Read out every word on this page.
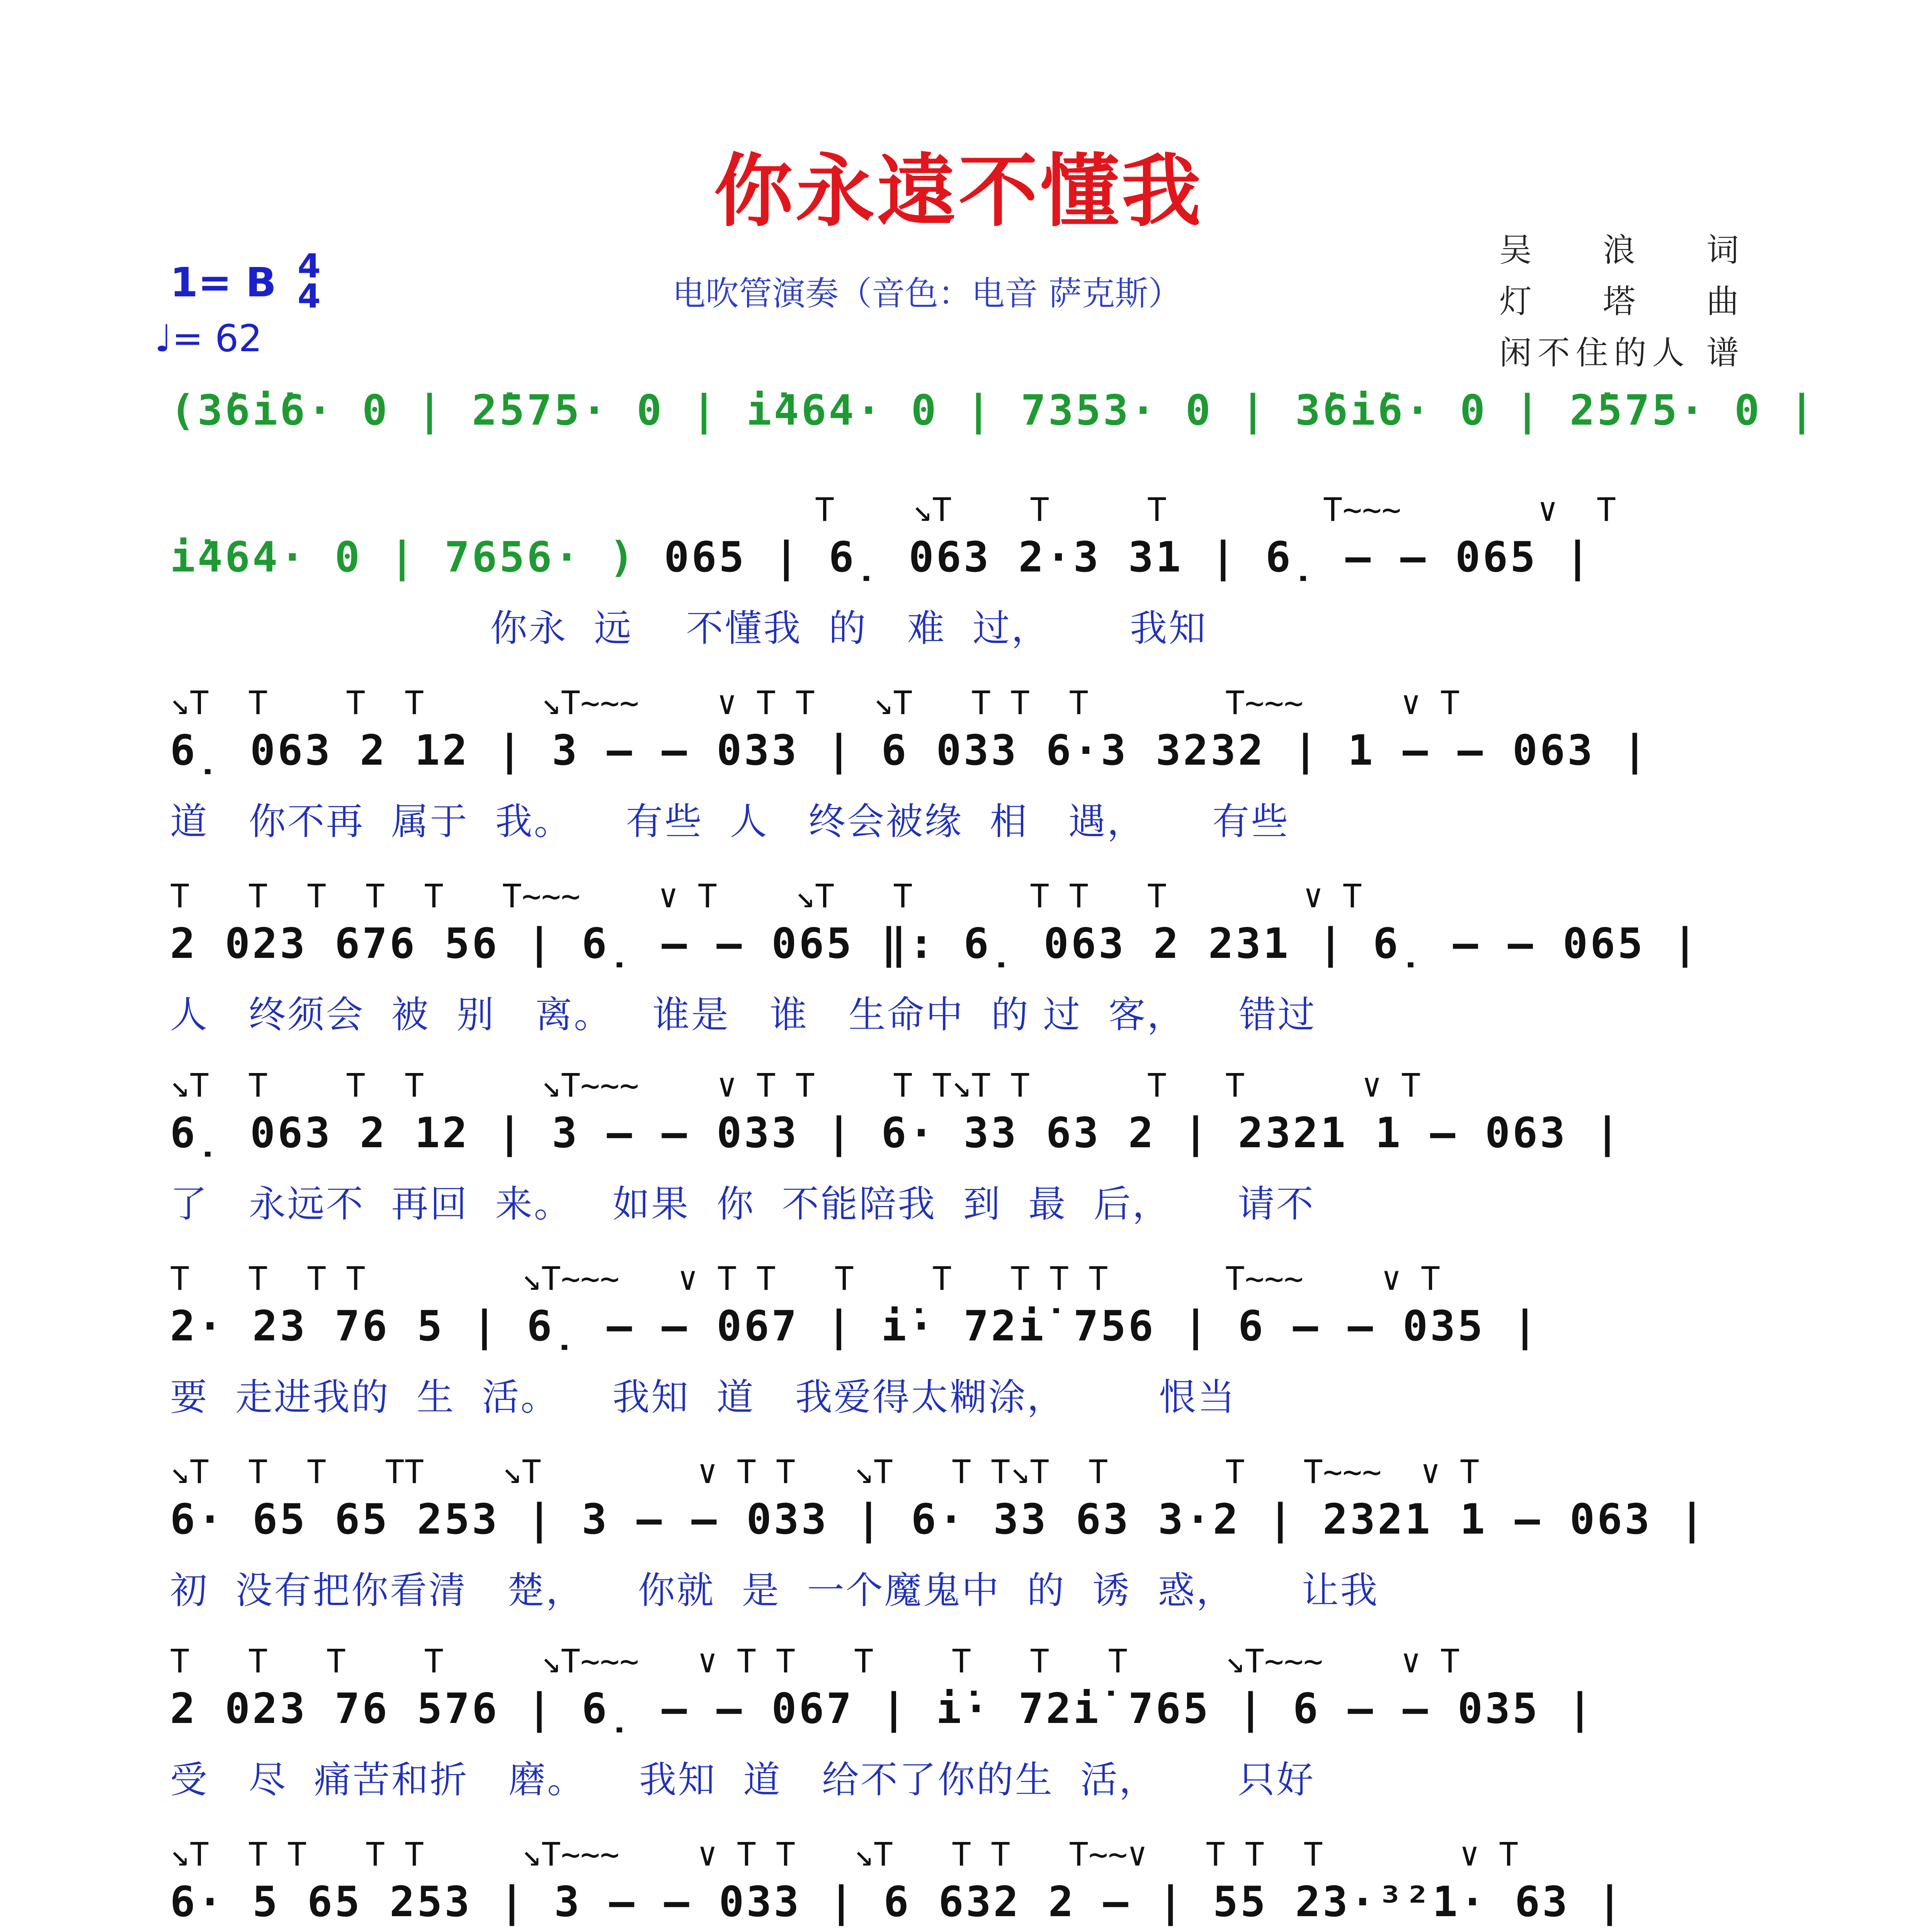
你永遠不懂我
1= B 4
4
♩= 62
电吹管演奏（音色：电音 萨克斯）
吴 浪 词
灯 塔 曲
闲不住的人 谱
(3̇6i̇6· 0 | 2̇575· 0 | i̇464· 0 | 7353· 0 | 3̇6i̇6· 0 | 2̇575· 0 |
T    ↘T    T     T        T~~~       ∨  T
i̇464· 0 | 7656· ) 065 | 6̣ 063 2·3 31 | 6̣ – – 065 |
你永  远    不懂我  的   难  过，      我知
↘T  T    T  T      ↘T~~~    ∨ T T   ↘T   T T  T       T~~~     ∨ T
6̣ 063 2 12 | 3 – – 033 | 6 033 6·3 3232 | 1 – – 063 |
道   你不再  属于  我。    有些  人   终会被缘  相   遇，     有些
T   T  T  T  T   T~~~    ∨ T    ↘T   T      T T   T       ∨ T
2 023 676 56 | 6̣ – – 065 ‖: 6̣ 063 2 231 | 6̣ – – 065 |
人   终须会  被  别   离。   谁是   谁   生命中  的 过  客，    错过
↘T  T    T  T      ↘T~~~    ∨ T T    T T↘T T      T   T      ∨ T
6̣ 063 2 12 | 3 – – 033 | 6· 33 63 2 | 2321 1 – 063 |
了   永远不  再回  来。   如果  你  不能陪我  到  最  后，     请不
T   T  T T        ↘T~~~   ∨ T T   T    T   T T T      T~~~    ∨ T
2· 23 76 5 | 6̣ – – 067 | i̇· 72i̇ 756 | 6 – – 035 |
要  走进我的  生  活。    我知  道   我爱得太糊涂，       恨当
↘T  T  T   TT    ↘T        ∨ T T   ↘T   T T↘T  T      T   T~~~  ∨ T
6· 65 65 253 | 3 – – 033 | 6· 33 63 3·2 | 2321 1 – 063 |
初  没有把你看清   楚，    你就  是  一个魔鬼中  的  诱  惑，     让我
T   T   T    T     ↘T~~~   ∨ T T   T    T   T   T     ↘T~~~    ∨ T
2 023 76 576 | 6̣ – – 067 | i̇· 72i̇ 765 | 6 – – 035 |
受   尽  痛苦和折   磨。    我知  道   给不了你的生  活，      只好
↘T  T T   T T     ↘T~~~    ∨ T T   ↘T   T T   T~~∨   T T  T       ∨ T
6· 5 65 253 | 3 – – 033 | 6 632 2 – | 55 23·³²1· 63 |
